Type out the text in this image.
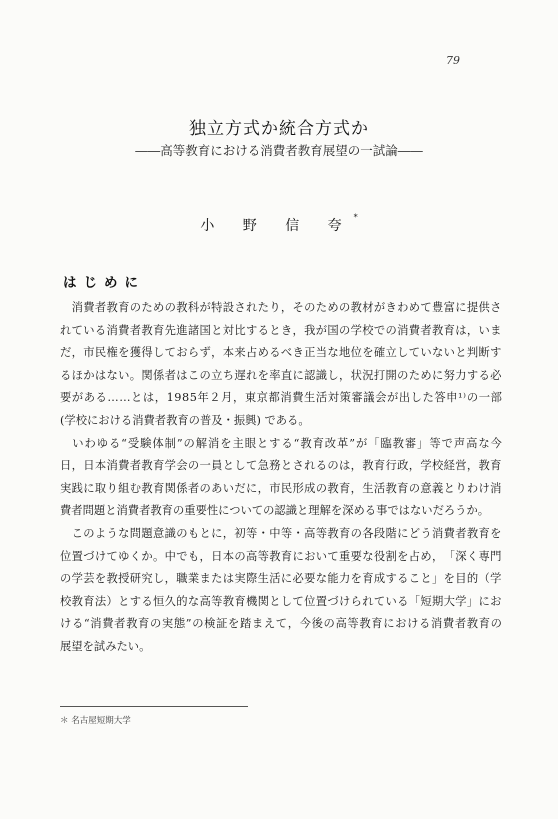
79
独立方式か統合方式か
――高等教育における消費者教育展望の一試論――
小 野 信 夸*
はじめに

消 費 者 教 育 の た め の 教 科 が 特 設 さ れ た り ， そ の た め の 教 材 が き わ め て 豊 富 に 提 供 さ
れ て い る 消 費 者 教 育 先 進 諸 国 と 対 比 す る と き ， 我 が 国 の 学 校 で の 消 費 者 教 育 は ， い ま
だ ， 市 民 権 を 獲 得 し て お ら ず ， 本 来 占 め る べ き 正 当 な 地 位 を 確 立 し て い な い と 判 断 す
る ほ か は な い 。 関 係 者 は こ の 立 ち 遅 れ を 率 直 に 認 識 し ， 状 況 打 開 の た め に 努 力 す る 必
要 が あ る … … と は ， 1 9 8 5 年 ２ 月 ， 東 京 都 消 費 生 活 対 策 審 議 会 が 出 し た 答 申 ¹ ⁾ の 一 部
(学校における消費者教育の普及・振興) である。

い わ ゆ る “ 受 験 体 制 ” の 解 消 を 主 眼 と す る “ 教 育 改 革 ” が 「 臨 教 審 」 等 で 声 高 な 今
日 ， 日 本 消 費 者 教 育 学 会 の 一 員 と し て 急 務 と さ れ る の は ， 教 育 行 政 ， 学 校 経 営 ， 教 育
実 践 に 取 り 組 む 教 育 関 係 者 の あ い だ に ， 市 民 形 成 の 教 育 ， 生 活 教 育 の 意 義 と り わ け 消
費者問題と消費者教育の重要性についての認識と理解を深める事ではないだろうか。

こ の よ う な 問 題 意 識 の も と に ， 初 等 ・ 中 等 ・ 高 等 教 育 の 各 段 階 に ど う 消 費 者 教 育 を
位 置 づ け て ゆ く か 。 中 で も ， 日 本 の 高 等 教 育 に お い て 重 要 な 役 割 を 占 め ， 「 深 く 専 門
の 学 芸 を 教 授 研 究 し ， 職 業 ま た は 実 際 生 活 に 必 要 な 能 力 を 育 成 す る こ と 」 を 目 的 （ 学
校 教 育 法 ） と す る 恒 久 的 な 高 等 教 育 機 関 と し て 位 置 づ け ら れ て い る 「 短 期 大 学 」 に お
け る “ 消 費 者 教 育 の 実 態 ” の 検 証 を 踏 ま え て ， 今 後 の 高 等 教 育 に お け る 消 費 者 教 育 の
展望を試みたい。
＊ 名古屋短期大学
